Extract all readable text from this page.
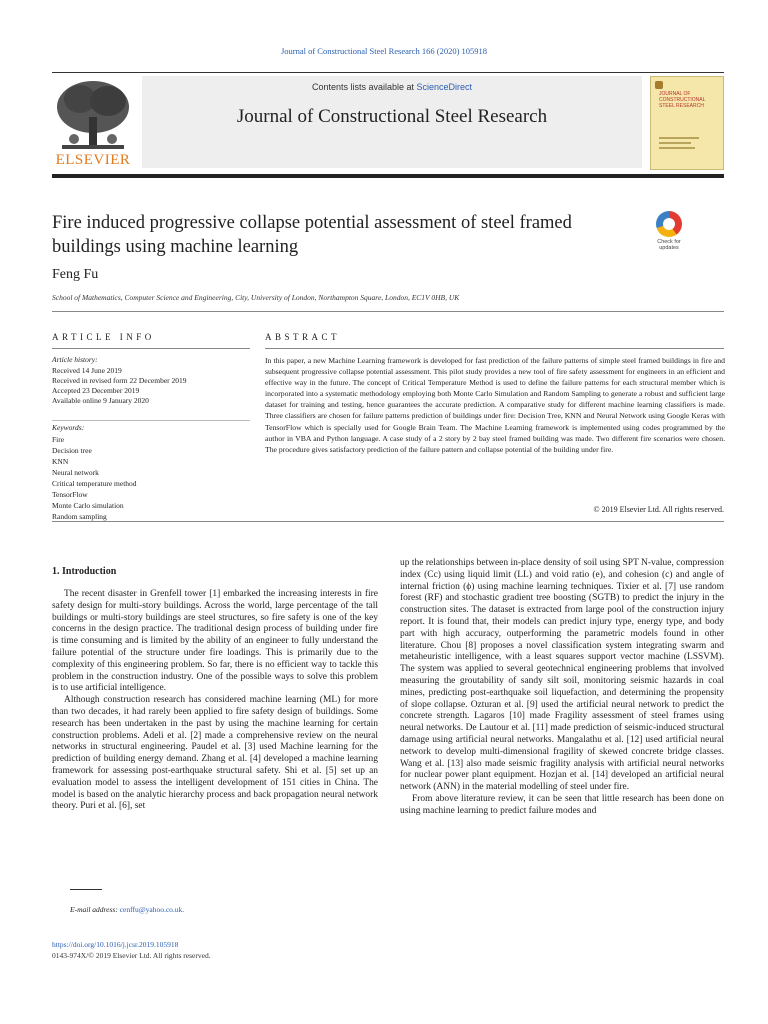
Journal of Constructional Steel Research 166 (2020) 105918
ELSEVIER
Contents lists available at ScienceDirect
Journal of Constructional Steel Research
JOURNAL OF CONSTRUCTIONAL STEEL RESEARCH
Fire induced progressive collapse potential assessment of steel framed buildings using machine learning	Check for updates
Feng Fu
School of Mathematics, Computer Science and Engineering, City, University of London, Northampton Square, London, EC1V 0HB, UK
ARTICLE INFO	ABSTRACT
Article history:
Received 14 June 2019
Received in revised form 22 December 2019
Accepted 23 December 2019
Available online 9 January 2020
Keywords:
Fire
Decision tree
KNN
Neural network
Critical temperature method
TensorFlow
Monte Carlo simulation
Random sampling
In this paper, a new Machine Learning framework is developed for fast prediction of the failure patterns of simple steel framed buildings in fire and subsequent progressive collapse potential assessment. This pilot study provides a new tool of fire safety assessment for engineers in an efficient and effective way in the future. The concept of Critical Temperature Method is used to define the failure patterns for each structural member which is incorporated into a systematic methodology employing both Monte Carlo Simulation and Random Sampling to generate a robust and sufficient large dataset for training and testing, hence guarantees the accurate prediction. A comparative study for different machine learning classifiers is made. Three classifiers are chosen for failure patterns prediction of buildings under fire: Decision Tree, KNN and Neural Network using Google Keras with TensorFlow which is specially used for Google Brain Team. The Machine Learning framework is implemented using codes programmed by the author in VBA and Python language. A case study of a 2 story by 2 bay steel framed building was made. Two different fire scenarios were chosen. The procedure gives satisfactory prediction of the failure pattern and collapse potential of the building under fire.
© 2019 Elsevier Ltd. All rights reserved.
1. Introduction

The recent disaster in Grenfell tower [1] embarked the increasing interests in fire safety design for multi-story buildings. Across the world, large percentage of the tall buildings or multi-story buildings are steel structures, so fire safety is one of the key concerns in the design practice. The traditional design process of building under fire is time consuming and is limited by the ability of an engineer to fully understand the failure potential of the structure under fire loadings. This is primarily due to the complexity of this engineering problem. So far, there is no efficient way to tackle this problem in the construction industry. One of the possible ways to solve this problem is to use artificial intelligence.

Although construction research has considered machine learning (ML) for more than two decades, it had rarely been applied to fire safety design of buildings. Some research has been undertaken in the past by using the machine learning for certain construction problems. Adeli et al. [2] made a comprehensive review on the neural networks in structural engineering. Paudel et al. [3] used Machine learning for the prediction of building energy demand. Zhang et al. [4] developed a machine learning framework for assessing post-earthquake structural safety. Shi et al. [5] set up an evaluation model to assess the intelligent development of 151 cities in China. The model is based on the analytic hierarchy process and back propagation neural network theory. Puri et al. [6], set

up the relationships between in-place density of soil using SPT N-value, compression index (Cc) using liquid limit (LL) and void ratio (e), and cohesion (c) and angle of internal friction (ϕ) using machine learning techniques. Tixier et al. [7] use random forest (RF) and stochastic gradient tree boosting (SGTB) to predict the injury in the construction sites. The dataset is extracted from large pool of the construction injury report. It is found that, their models can predict injury type, energy type, and body part with high accuracy, outperforming the parametric models found in other literature. Chou [8] proposes a novel classification system integrating swarm and metaheuristic intelligence, with a least squares support vector machine (LSSVM). The system was applied to several geotechnical engineering problems that involved measuring the groutability of sandy silt soil, monitoring seismic hazards in coal mines, predicting post-earthquake soil liquefaction, and determining the propensity of slope collapse. Ozturan et al. [9] used the artificial neural network to predict the concrete strength. Lagaros [10] made Fragility assessment of steel frames using neural networks. De Lautour et al. [11] made prediction of seismic-induced structural damage using artificial neural networks. Mangalathu et al. [12] used artificial neural network to develop multi-dimensional fragility of skewed concrete bridge classes. Wang et al. [13] also made seismic fragility analysis with artificial neural networks for nuclear power plant equipment. Hozjan et al. [14] developed an artificial neural network (ANN) in the material modelling of steel under fire.

From above literature review, it can be seen that little research has been done on using machine learning to predict failure modes and

E-mail address: cenffu@yahoo.co.uk.
https://doi.org/10.1016/j.jcsr.2019.105918
0143-974X/© 2019 Elsevier Ltd. All rights reserved.
